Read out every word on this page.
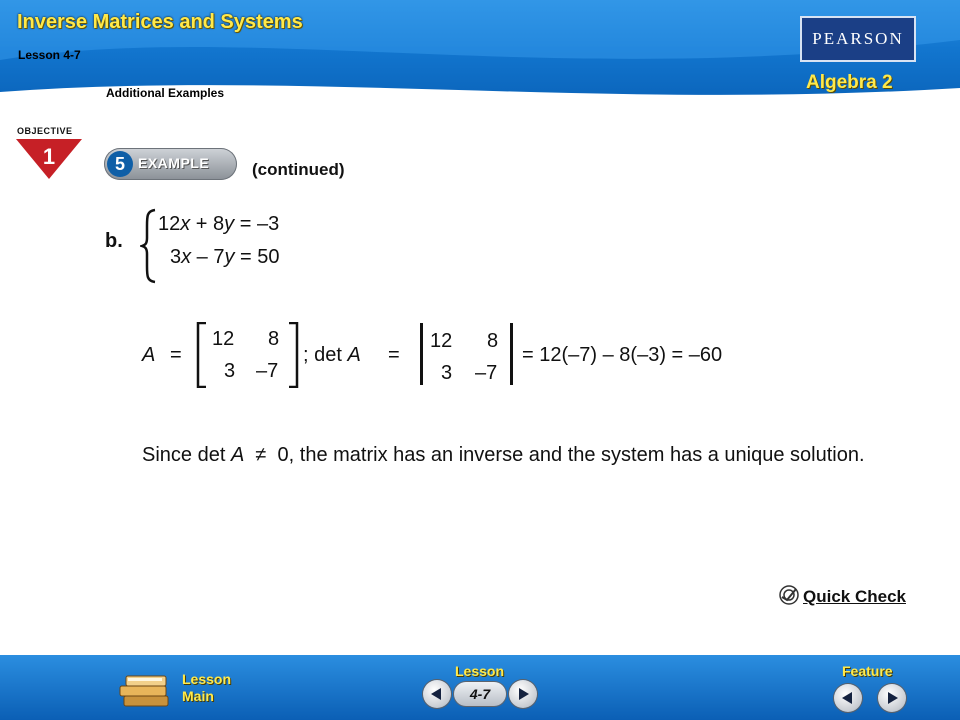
Inverse Matrices and Systems
Lesson 4-7
Additional Examples
PEARSON
Algebra 2
OBJECTIVE
1	5 EXAMPLE	(continued)
b.
12x + 8y = –3
3x – 7y = 50
A =
12 8
3 –7
; det A =
12 8
3 –7
= 12(–7) – 8(–3) = –60
Since det A ≠ 0, the matrix has an inverse and the system has a unique solution.
Quick Check
Lesson
Main
Lesson
4-7
Feature
